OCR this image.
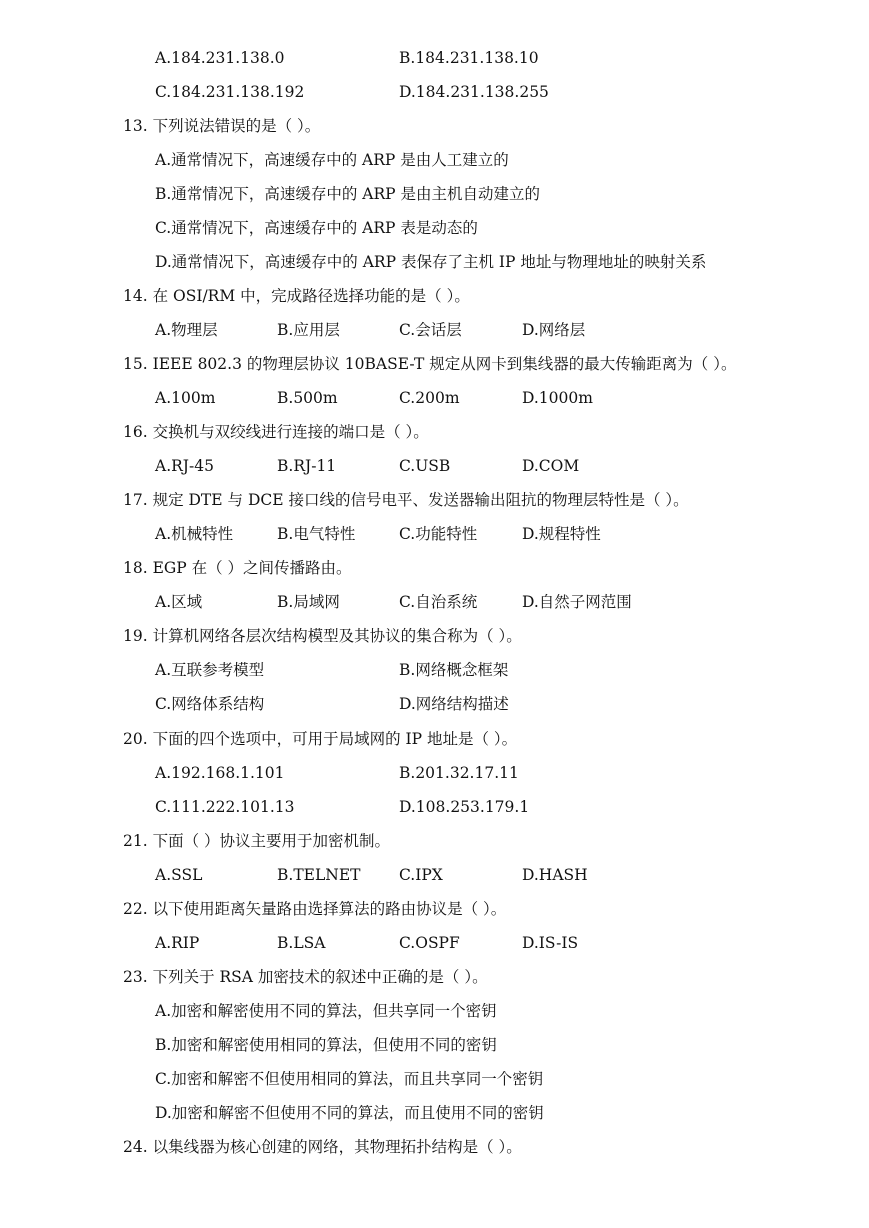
A.184.231.138.0	B.184.231.138.10
C.184.231.138.192	D.184.231.138.255
13. 下列说法错误的是（ ）。
A.通常情况下，高速缓存中的 ARP 是由人工建立的
B.通常情况下，高速缓存中的 ARP 是由主机自动建立的
C.通常情况下，高速缓存中的 ARP 表是动态的
D.通常情况下，高速缓存中的 ARP 表保存了主机 IP 地址与物理地址的映射关系
14. 在 OSI/RM 中，完成路径选择功能的是（ ）。
A.物理层	B.应用层	C.会话层	D.网络层
15. IEEE 802.3 的物理层协议 10BASE-T 规定从网卡到集线器的最大传输距离为（ ）。
A.100m	B.500m	C.200m	D.1000m
16. 交换机与双绞线进行连接的端口是（ ）。
A.RJ-45	B.RJ-11	C.USB	D.COM
17. 规定 DTE 与 DCE 接口线的信号电平、发送器输出阻抗的物理层特性是（ ）。
A.机械特性	B.电气特性	C.功能特性	D.规程特性
18. EGP 在（ ）之间传播路由。
A.区域	B.局域网	C.自治系统	D.自然子网范围
19. 计算机网络各层次结构模型及其协议的集合称为（ ）。
A.互联参考模型	B.网络概念框架
C.网络体系结构	D.网络结构描述
20. 下面的四个选项中，可用于局域网的 IP 地址是（ ）。
A.192.168.1.101	B.201.32.17.11
C.111.222.101.13	D.108.253.179.1
21. 下面（ ）协议主要用于加密机制。
A.SSL	B.TELNET C.IPX	D.HASH
22. 以下使用距离矢量路由选择算法的路由协议是（ ）。
A.RIP	B.LSA	C.OSPF	D.IS-IS
23. 下列关于 RSA 加密技术的叙述中正确的是（ ）。
A.加密和解密使用不同的算法，但共享同一个密钥
B.加密和解密使用相同的算法，但使用不同的密钥
C.加密和解密不但使用相同的算法，而且共享同一个密钥
D.加密和解密不但使用不同的算法，而且使用不同的密钥
24. 以集线器为核心创建的网络，其物理拓扑结构是（ ）。
